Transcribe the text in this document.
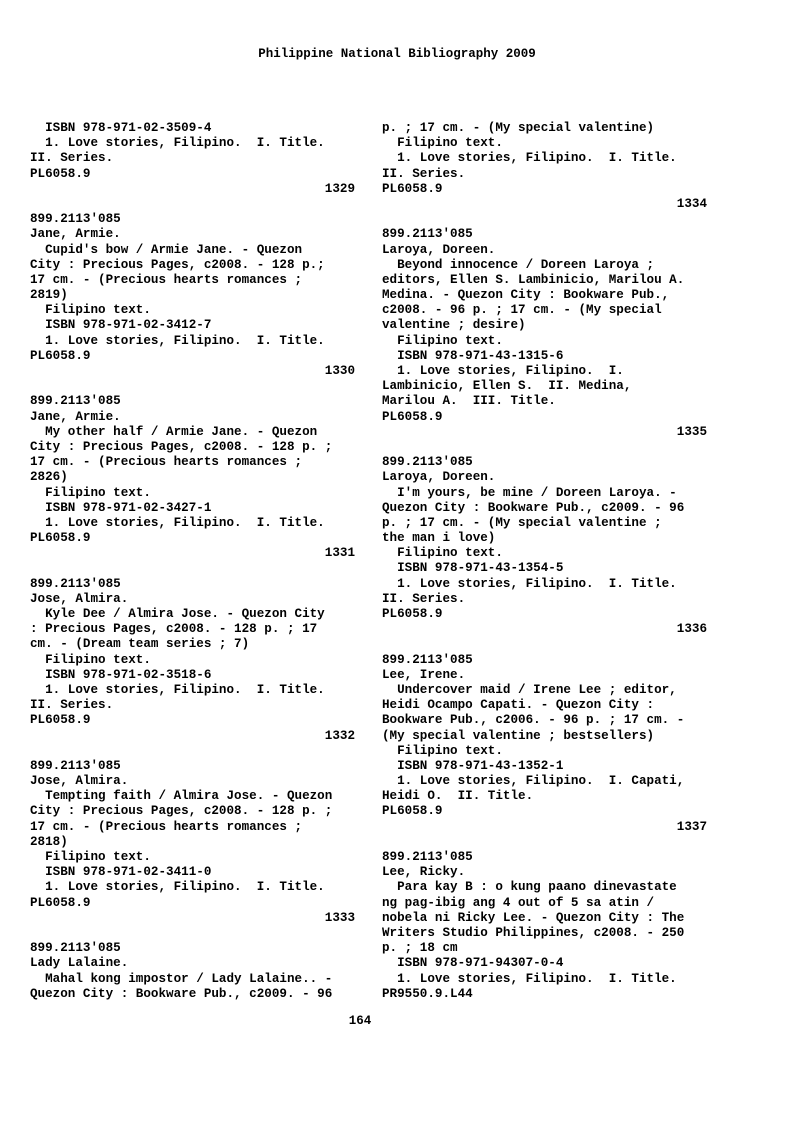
Philippine National Bibliography 2009
ISBN 978-971-02-3509-4
1. Love stories, Filipino.  I. Title.
II. Series.
PL6058.9
1329
899.2113'085
Jane, Armie.
Cupid's bow / Armie Jane. - Quezon
City : Precious Pages, c2008. - 128 p.;
17 cm. - (Precious hearts romances ;
2819)
Filipino text.
ISBN 978-971-02-3412-7
1. Love stories, Filipino.  I. Title.
PL6058.9
1330
899.2113'085
Jane, Armie.
My other half / Armie Jane. - Quezon
City : Precious Pages, c2008. - 128 p. ;
17 cm. - (Precious hearts romances ;
2826)
Filipino text.
ISBN 978-971-02-3427-1
1. Love stories, Filipino.  I. Title.
PL6058.9
1331
899.2113'085
Jose, Almira.
Kyle Dee / Almira Jose. - Quezon City
: Precious Pages, c2008. - 128 p. ; 17
cm. - (Dream team series ; 7)
Filipino text.
ISBN 978-971-02-3518-6
1. Love stories, Filipino.  I. Title.
II. Series.
PL6058.9
1332
899.2113'085
Jose, Almira.
Tempting faith / Almira Jose. - Quezon
City : Precious Pages, c2008. - 128 p. ;
17 cm. - (Precious hearts romances ;
2818)
Filipino text.
ISBN 978-971-02-3411-0
1. Love stories, Filipino.  I. Title.
PL6058.9
1333
899.2113'085
Lady Lalaine.
Mahal kong impostor / Lady Lalaine.. -
Quezon City : Bookware Pub., c2009. - 96
p. ; 17 cm. - (My special valentine)
Filipino text.
1. Love stories, Filipino.  I. Title.
II. Series.
PL6058.9
1334
899.2113'085
Laroya, Doreen.
Beyond innocence / Doreen Laroya ;
editors, Ellen S. Lambinicio, Marilou A.
Medina. - Quezon City : Bookware Pub.,
c2008. - 96 p. ; 17 cm. - (My special
valentine ; desire)
Filipino text.
ISBN 978-971-43-1315-6
1. Love stories, Filipino.  I.
Lambinicio, Ellen S.  II. Medina,
Marilou A.  III. Title.
PL6058.9
1335
899.2113'085
Laroya, Doreen.
I'm yours, be mine / Doreen Laroya. -
Quezon City : Bookware Pub., c2009. - 96
p. ; 17 cm. - (My special valentine ;
the man i love)
Filipino text.
ISBN 978-971-43-1354-5
1. Love stories, Filipino.  I. Title.
II. Series.
PL6058.9
1336
899.2113'085
Lee, Irene.
Undercover maid / Irene Lee ; editor,
Heidi Ocampo Capati. - Quezon City :
Bookware Pub., c2006. - 96 p. ; 17 cm. -
(My special valentine ; bestsellers)
Filipino text.
ISBN 978-971-43-1352-1
1. Love stories, Filipino.  I. Capati,
Heidi O.  II. Title.
PL6058.9
1337
899.2113'085
Lee, Ricky.
Para kay B : o kung paano dinevastate
ng pag-ibig ang 4 out of 5 sa atin /
nobela ni Ricky Lee. - Quezon City : The
Writers Studio Philippines, c2008. - 250
p. ; 18 cm
ISBN 978-971-94307-0-4
1. Love stories, Filipino.  I. Title.
PR9550.9.L44
164
